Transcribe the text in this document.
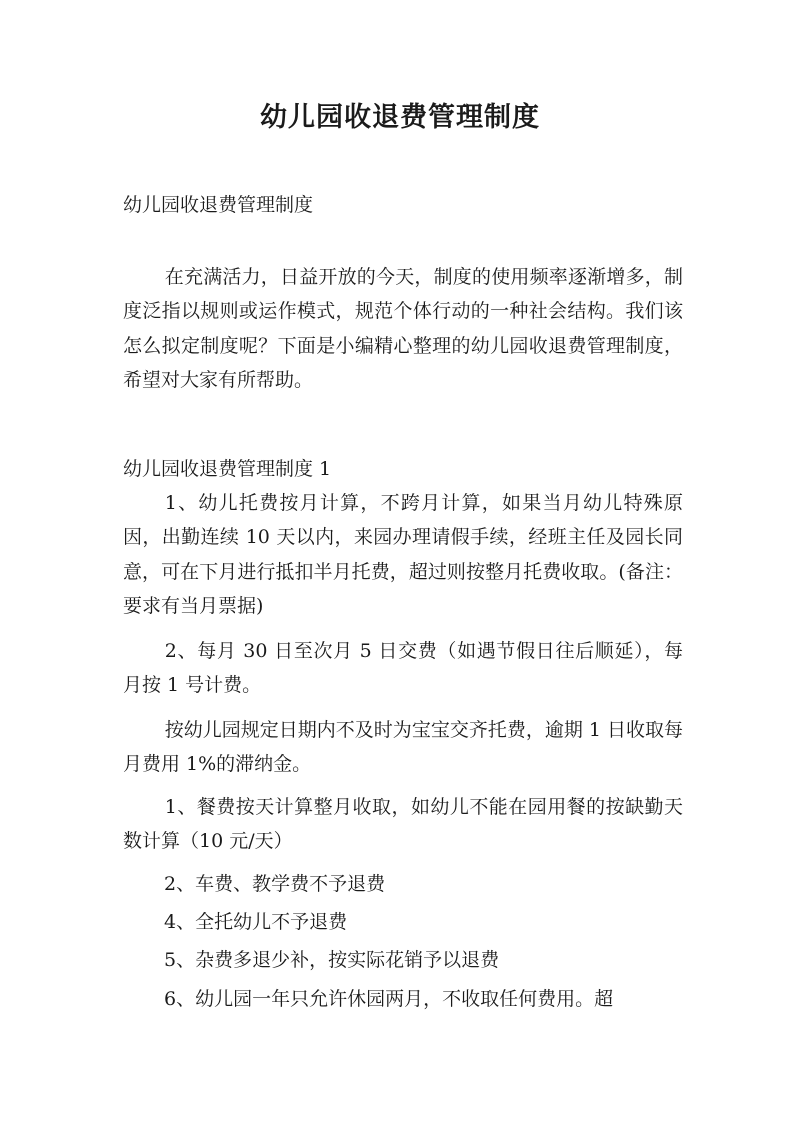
幼儿园收退费管理制度
幼儿园收退费管理制度

在充满活力，日益开放的今天，制度的使用频率逐渐增多，制度泛指以规则或运作模式，规范个体行动的一种社会结构。我们该怎么拟定制度呢？下面是小编精心整理的幼儿园收退费管理制度，希望对大家有所帮助。

幼儿园收退费管理制度 1

1、幼儿托费按月计算，不跨月计算，如果当月幼儿特殊原因，出勤连续 10 天以内，来园办理请假手续，经班主任及园长同意，可在下月进行抵扣半月托费，超过则按整月托费收取。(备注：要求有当月票据)

2、每月 30 日至次月 5 日交费（如遇节假日往后顺延），每月按 1 号计费。

按幼儿园规定日期内不及时为宝宝交齐托费，逾期 1 日收取每月费用 1%的滞纳金。

1、餐费按天计算整月收取，如幼儿不能在园用餐的按缺勤天数计算（10 元/天）

2、车费、教学费不予退费
4、全托幼儿不予退费
5、杂费多退少补，按实际花销予以退费
6、幼儿园一年只允许休园两月，不收取任何费用。超
